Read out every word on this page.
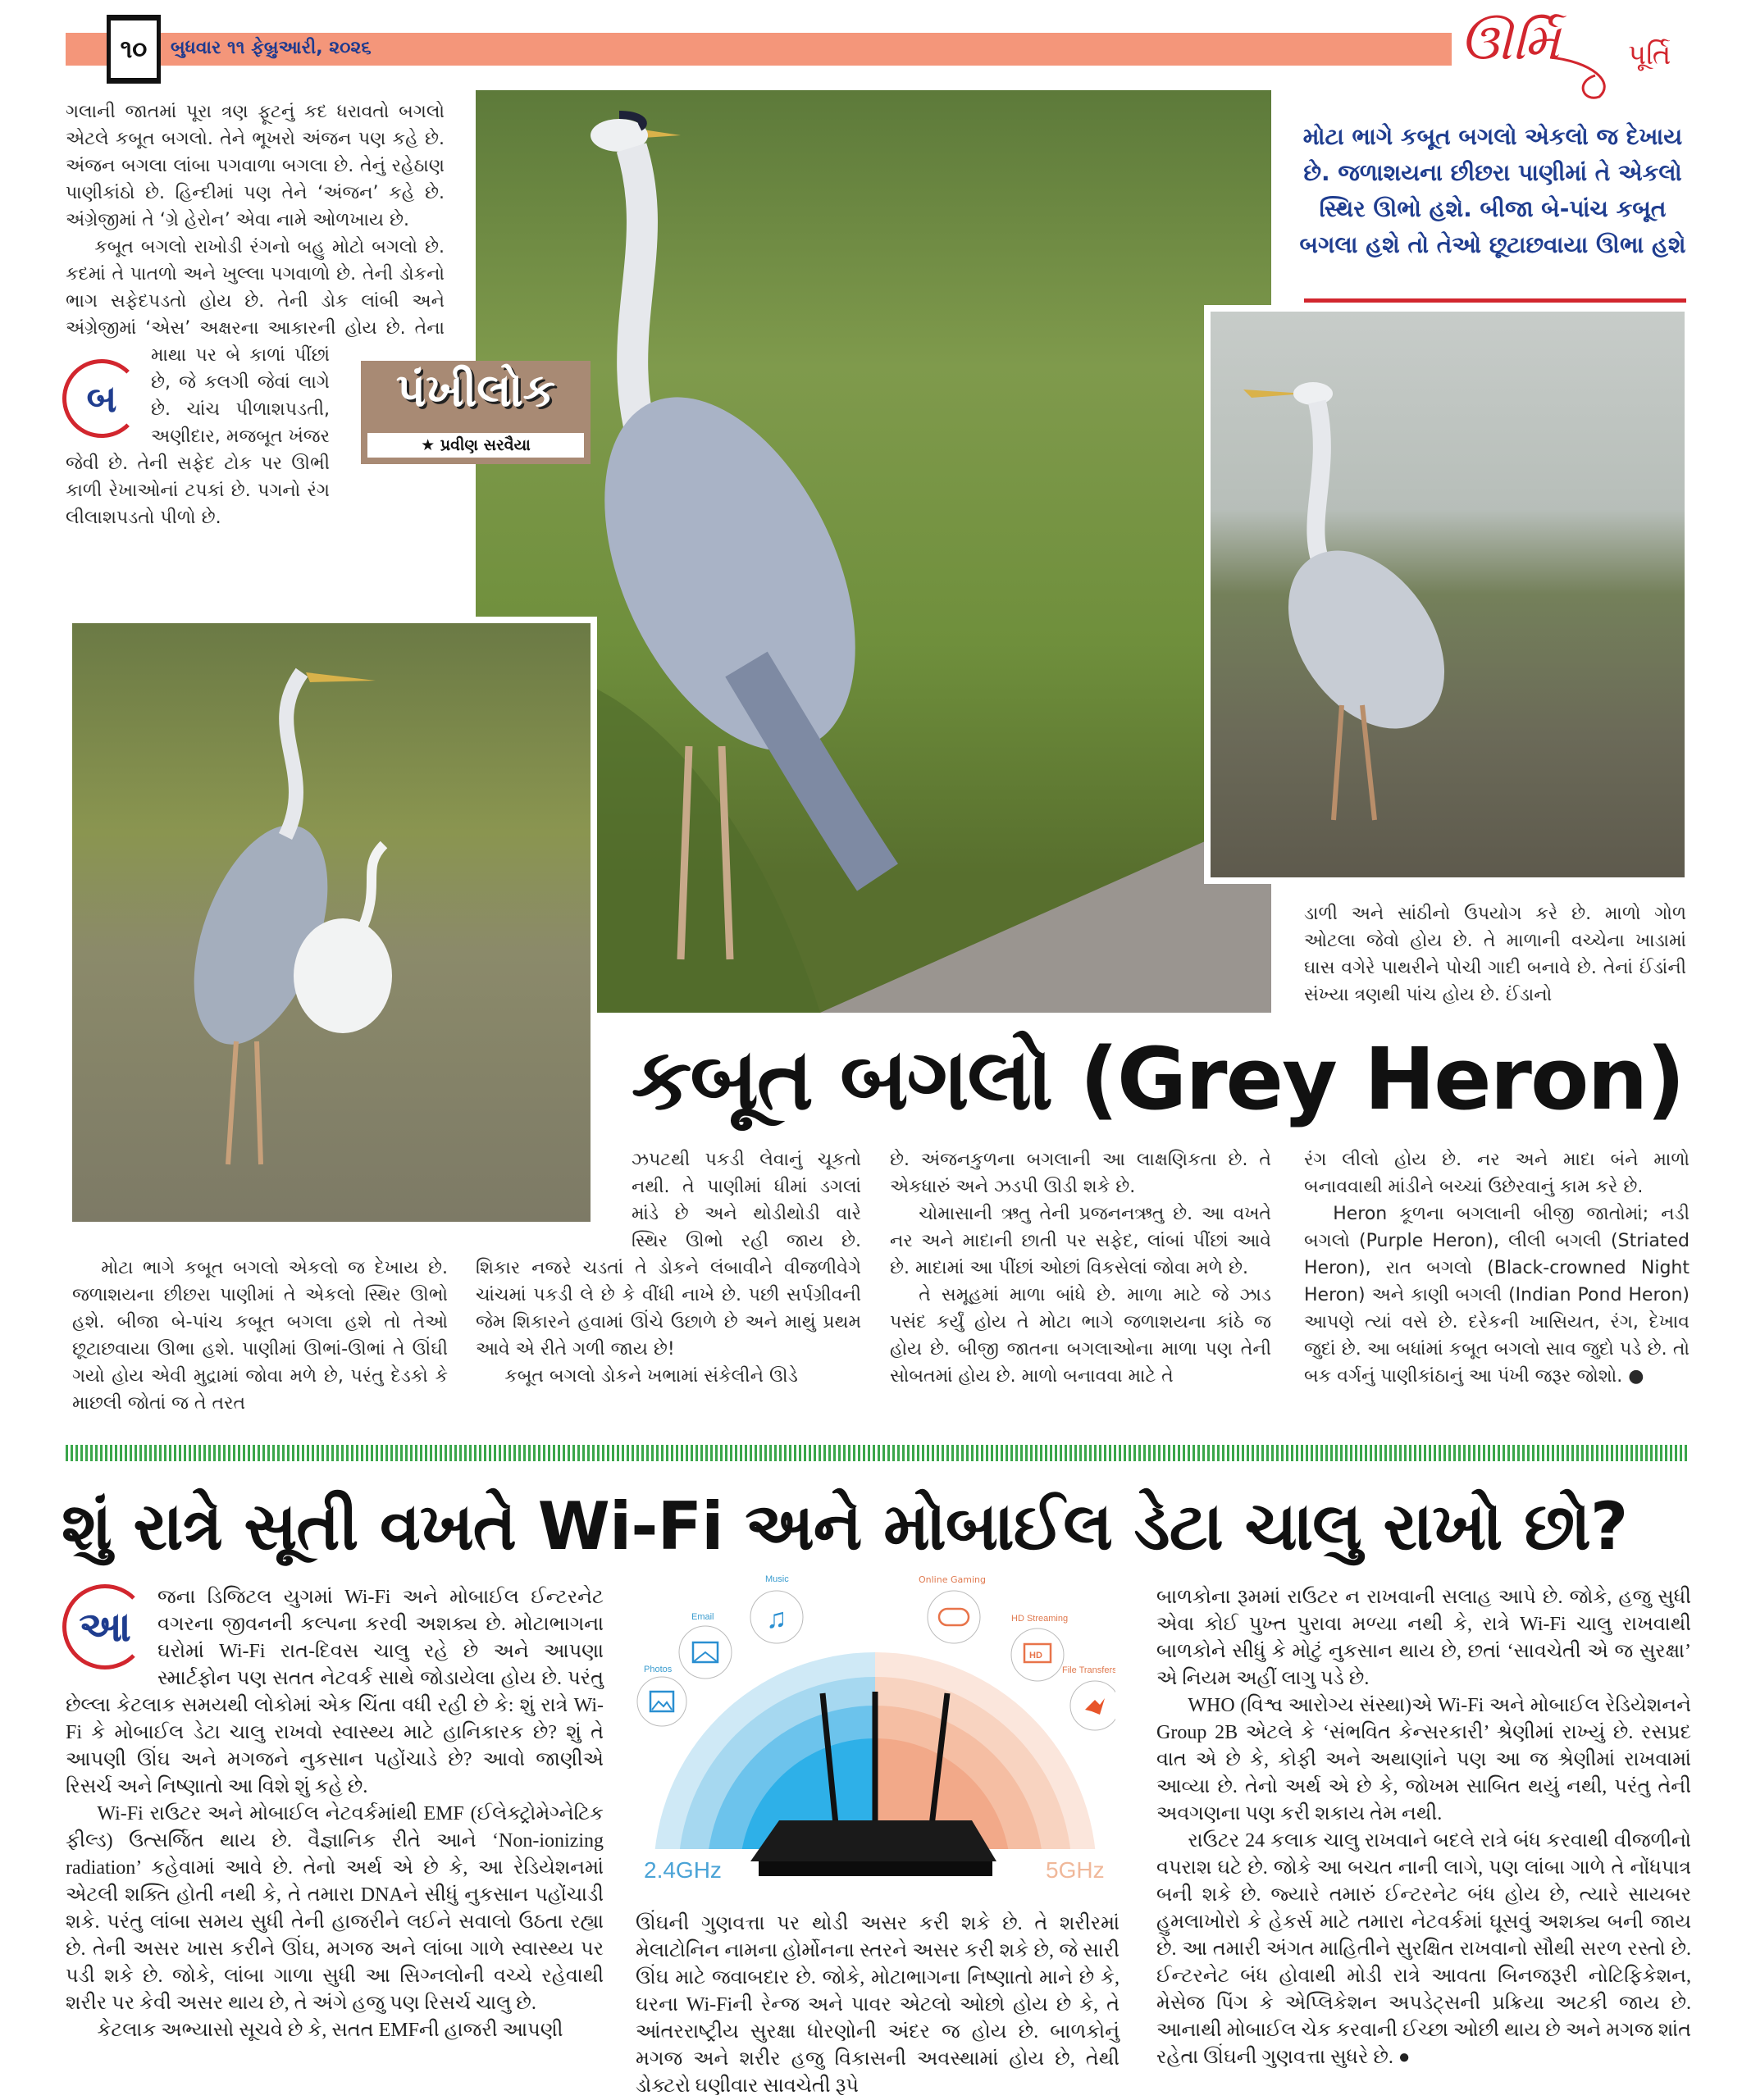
૧૦	બુધવાર ૧૧ ફેબ્રુઆરી, ૨૦૨૬	ઊર્મિ પૂર્તિ
બ

ગલાની જાતમાં પૂરા ત્રણ ફૂટનું કદ ધરાવતો બગલો એટલે કબૂત બગલો. તેને ભૂખરો અંજન પણ કહે છે. અંજન બગલા લાંબા પગવાળા બગલા છે. તેનું રહેઠાણ પાણીકાંઠો છે. હિન્દીમાં પણ તેને ‘અંજન’ કહે છે. અંગ્રેજીમાં તે ‘ગ્રે હેરોન’ એવા નામે ઓળખાય છે.

કબૂત બગલો રાખોડી રંગનો બહુ મોટો બગલો છે. કદમાં તે પાતળો અને ખુલ્લા પગવાળો છે. તેની ડોકનો ભાગ સફેદપડતો હોય છે. તેની ડોક લાંબી અને અંગ્રેજીમાં ‘એસ’ અક્ષરના આકારની હોય છે. તેના માથા પર બે કાળાં પીંછાં છે, જે કલગી જેવાં લાગે છે. ચાંચ પીળાશપડતી, અણીદાર, મજબૂત ખંજર જેવી છે. તેની સફેદ ટોક પર ઊભી કાળી રેખાઓનાં ટપકાં છે. પગનો રંગ લીલાશપડતો પીળો છે.

પંખીલોક
★ પ્રવીણ સરવૈયા
મોટા ભાગે કબૂત બગલો એકલો જ દેખાય છે. જળાશયના છીછરા પાણીમાં તે એકલો સ્થિર ઊભો હશે. બીજા બે-પાંચ કબૂત બગલા હશે તો તેઓ છૂટાછવાયા ઊભા હશે

ડાળી અને સાંઠીનો ઉપયોગ કરે છે. માળો ગોળ ઓટલા જેવો હોય છે. તે માળાની વચ્ચેના ખાડામાં ઘાસ વગેરે પાથરીને પોચી ગાદી બનાવે છે. તેનાં ઈંડાંની સંખ્યા ત્રણથી પાંચ હોય છે. ઈંડાનો

કબૂત બગલો (Grey Heron)

મોટા ભાગે કબૂત બગલો એકલો જ દેખાય છે. જળાશયના છીછરા પાણીમાં તે એકલો સ્થિર ઊભો હશે. બીજા બે-પાંચ કબૂત બગલા હશે તો તેઓ છૂટાછવાયા ઊભા હશે. પાણીમાં ઊભાં-ઊભાં તે ઊંઘી ગયો હોય એવી મુદ્રામાં જોવા મળે છે, પરંતુ દેડકો કે માછલી જોતાં જ તે તરત

ઝપટથી પકડી લેવાનું ચૂકતો નથી. તે પાણીમાં ધીમાં ડગલાં માંડે છે અને થોડીથોડી વારે સ્થિર ઊભો રહી જાય છે. શિકાર નજરે ચડતાં તે ડોકને લંબાવીને વીજળીવેગે ચાંચમાં પકડી લે છે કે વીંધી નાખે છે. પછી સર્પગ્રીવની જેમ શિકારને હવામાં ઊંચે ઉછાળે છે અને માથું પ્રથમ આવે એ રીતે ગળી જાય છે!

કબૂત બગલો ડોકને ખભામાં સંકેલીને ઊડે

છે. અંજનકુળના બગલાની આ લાક્ષણિકતા છે. તે એકધારું અને ઝડપી ઊડી શકે છે.

ચોમાસાની ઋતુ તેની પ્રજનનઋતુ છે. આ વખતે નર અને માદાની છાતી પર સફેદ, લાંબાં પીંછાં આવે છે. માદામાં આ પીંછાં ઓછાં વિકસેલાં જોવા મળે છે.

તે સમૂહમાં માળા બાંધે છે. માળા માટે જે ઝાડ પસંદ કર્યું હોય તે મોટા ભાગે જળાશયના કાંઠે જ હોય છે. બીજી જાતના બગલાઓના માળા પણ તેની સોબતમાં હોય છે. માળો બનાવવા માટે તે

રંગ લીલો હોય છે. નર અને માદા બંને માળો બનાવવાથી માંડીને બચ્ચાં ઉછેરવાનું કામ કરે છે.

Heron કૂળના બગલાની બીજી જાતોમાં; નડી બગલો (Purple Heron), લીલી બગલી (Striated Heron), રાત બગલો (Black-crowned Night Heron) અને કાણી બગલી (Indian Pond Heron) આપણે ત્યાં વસે છે. દરેકની ખાસિયત, રંગ, દેખાવ જુદાં છે. આ બધાંમાં કબૂત બગલો સાવ જુદો પડે છે. તો બક વર્ગનું પાણીકાંઠાનું આ પંખી જરૂર જોશો. ●

શું રાત્રે સૂતી વખતે Wi-Fi અને મોબાઈલ ડેટા ચાલુ રાખો છો?
આ

જના ડિજિટલ યુગમાં Wi-Fi અને મોબાઈલ ઈન્ટરનેટ વગરના જીવનની કલ્પના કરવી અશક્ય છે. મોટાભાગના ઘરોમાં Wi-Fi રાત-દિવસ ચાલુ રહે છે અને આપણા સ્માર્ટફોન પણ સતત નેટવર્ક સાથે જોડાયેલા હોય છે. પરંતુ છેલ્લા કેટલાક સમયથી લોકોમાં એક ચિંતા વધી રહી છે કે: શું રાત્રે Wi-Fi કે મોબાઈલ ડેટા ચાલુ રાખવો સ્વાસ્થ્ય માટે હાનિકારક છે? શું તે આપણી ઊંઘ અને મગજને નુકસાન પહોંચાડે છે? આવો જાણીએ રિસર્ચ અને નિષ્ણાતો આ વિશે શું કહે છે.

Wi-Fi રાઉટર અને મોબાઈલ નેટવર્કમાંથી EMF (ઈલેક્ટ્રોમેગ્નેટિક ફીલ્ડ) ઉત્સર્જિત થાય છે. વૈજ્ઞાનિક રીતે આને ‘Non-ionizing radiation’ કહેવામાં આવે છે. તેનો અર્થ એ છે કે, આ રેડિયેશનમાં એટલી શક્તિ હોતી નથી કે, તે તમારા DNAને સીધું નુકસાન પહોંચાડી શકે. પરંતુ લાંબા સમય સુધી તેની હાજરીને લઈને સવાલો ઉઠતા રહ્યા છે. તેની અસર ખાસ કરીને ઊંઘ, મગજ અને લાંબા ગાળે સ્વાસ્થ્ય પર પડી શકે છે. જોકે, લાંબા ગાળા સુધી આ સિગ્નલોની વચ્ચે રહેવાથી શરીર પર કેવી અસર થાય છે, તે અંગે હજુ પણ રિસર્ચ ચાલુ છે.

કેટલાક અભ્યાસો સૂચવે છે કે, સતત EMFની હાજરી આપણી

Photos
Email ♫
Music
HD
HD Streaming
File Transfers
2.4GHz	5GHz
Online Gaming

ઊંઘની ગુણવત્તા પર થોડી અસર કરી શકે છે. તે શરીરમાં મેલાટોનિન નામના હોર્મોનના સ્તરને અસર કરી શકે છે, જે સારી ઊંઘ માટે જવાબદાર છે. જોકે, મોટાભાગના નિષ્ણાતો માને છે કે, ઘરના Wi-Fiની રેન્જ અને પાવર એટલો ઓછો હોય છે કે, તે આંતરરાષ્ટ્રીય સુરક્ષા ધોરણોની અંદર જ હોય છે. બાળકોનું મગજ અને શરીર હજુ વિકાસની અવસ્થામાં હોય છે, તેથી ડોક્ટરો ઘણીવાર સાવચેતી રૂપે

બાળકોના રૂમમાં રાઉટર ન રાખવાની સલાહ આપે છે. જોકે, હજુ સુધી એવા કોઈ પુખ્ત પુરાવા મળ્યા નથી કે, રાત્રે Wi-Fi ચાલુ રાખવાથી બાળકોને સીધું કે મોટું નુકસાન થાય છે, છતાં ‘સાવચેતી એ જ સુરક્ષા’ એ નિયમ અહીં લાગુ પડે છે.

WHO (વિશ્વ આરોગ્ય સંસ્થા)એ Wi-Fi અને મોબાઈલ રેડિયેશનને Group 2B એટલે કે ‘સંભવિત કેન્સરકારી’ શ્રેણીમાં રાખ્યું છે. રસપ્રદ વાત એ છે કે, કોફી અને અથાણાંને પણ આ જ શ્રેણીમાં રાખવામાં આવ્યા છે. તેનો અર્થ એ છે કે, જોખમ સાબિત થયું નથી, પરંતુ તેની અવગણના પણ કરી શકાય તેમ નથી.

રાઉટર 24 કલાક ચાલુ રાખવાને બદલે રાત્રે બંધ કરવાથી વીજળીનો વપરાશ ઘટે છે. જોકે આ બચત નાની લાગે, પણ લાંબા ગાળે તે નોંધપાત્ર બની શકે છે. જ્યારે તમારું ઈન્ટરનેટ બંધ હોય છે, ત્યારે સાયબર હુમલાખોરો કે હેકર્સ માટે તમારા નેટવર્કમાં ઘૂસવું અશક્ય બની જાય છે. આ તમારી અંગત માહિતીને સુરક્ષિત રાખવાનો સૌથી સરળ રસ્તો છે. ઈન્ટરનેટ બંધ હોવાથી મોડી રાત્રે આવતા બિનજરૂરી નોટિફિકેશન, મેસેજ પિંગ કે એપ્લિકેશન અપડેટ્સની પ્રક્રિયા અટકી જાય છે. આનાથી મોબાઈલ ચેક કરવાની ઈચ્છા ઓછી થાય છે અને મગજ શાંત રહેતા ઊંઘની ગુણવત્તા સુધરે છે. ●
